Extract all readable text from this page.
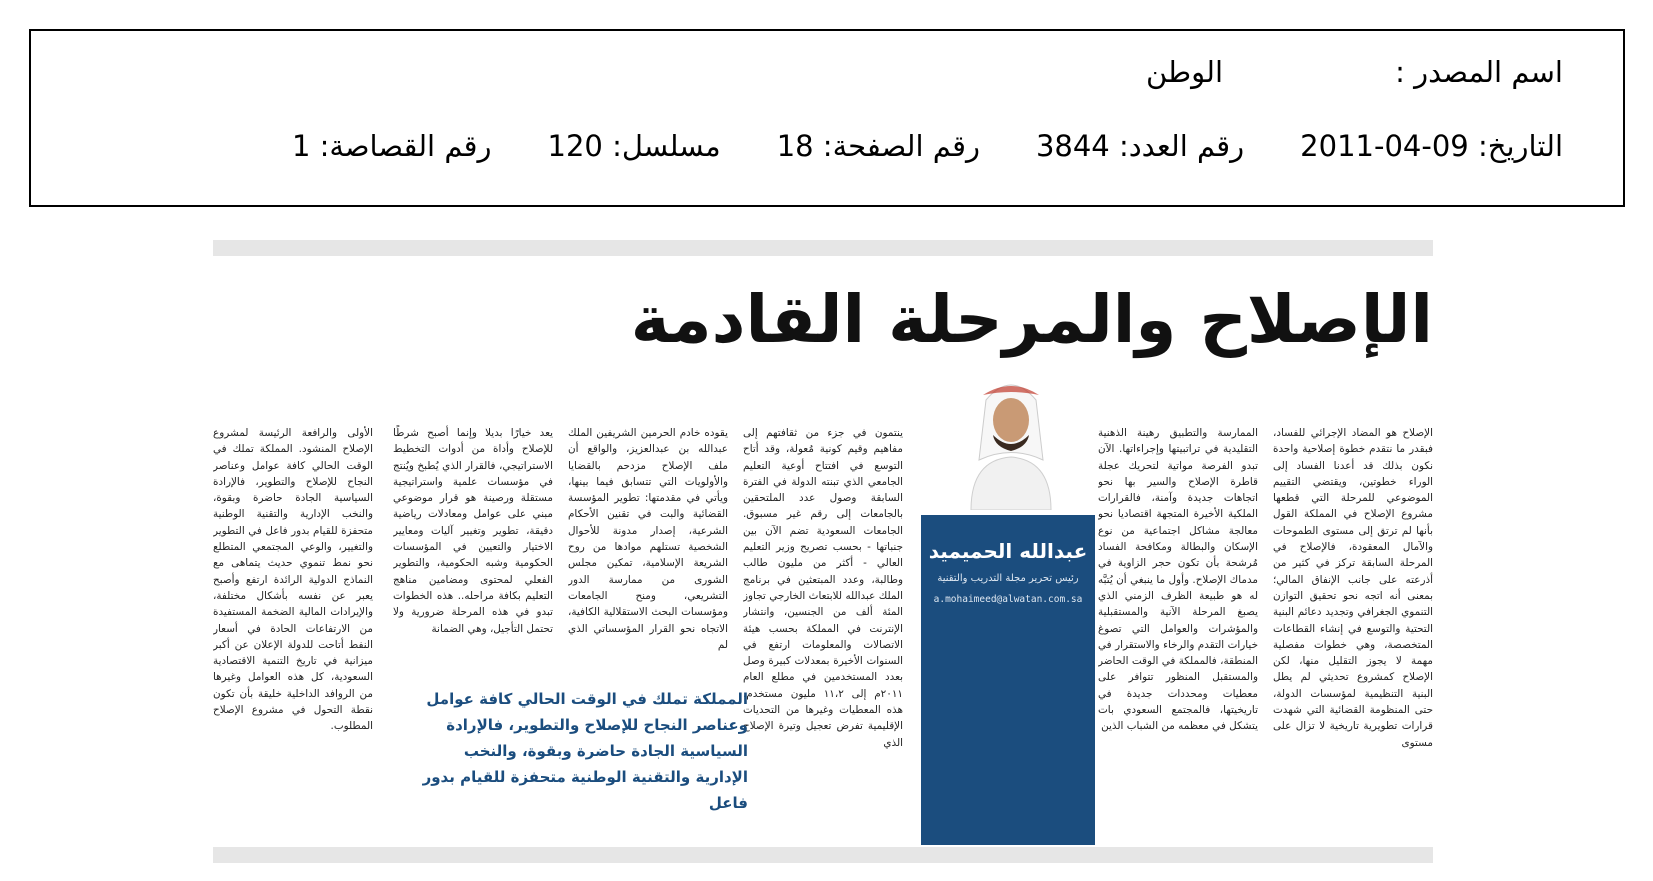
اسم المصدر :
الوطن
التاريخ: 09-04-2011
رقم العدد: 3844
رقم الصفحة: 18
مسلسل: 120
رقم القصاصة: 1
الإصلاح والمرحلة القادمة
الإصلاح هو المضاد الإجرائي للفساد، فبقدر ما نتقدم خطوة إصلاحية واحدة نكون بذلك قد أعدنا الفساد إلى الوراء خطوتين، ويقتضي التقييم الموضوعي للمرحلة التي قطعها مشروع الإصلاح في المملكة القول بأنها لم ترتق إلى مستوى الطموحات والآمال المعقودة، فالإصلاح في المرحلة السابقة تركز في كثير من أذرعته على جانب الإنفاق المالي؛ بمعنى أنه اتجه نحو تحقيق التوازن التنموي الجغرافي وتجديد دعائم البنية التحتية والتوسع في إنشاء القطاعات المتخصصة، وهي خطوات مفصلية مهمة لا يجوز التقليل منها، لكن الإصلاح كمشروع تحديثي لم يطل البنية التنظيمية لمؤسسات الدولة، حتى المنظومة القضائية التي شهدت قرارات تطويرية تاريخية لا تزال على مستوى
الممارسة والتطبيق رهينة الذهنية التقليدية في تراتبيتها وإجراءاتها. الآن تبدو الفرصة مواتية لتحريك عجلة قاطرة الإصلاح والسير بها نحو اتجاهات جديدة وآمنة، فالقرارات الملكية الأخيرة المتجهة اقتصاديا نحو معالجة مشاكل اجتماعية من نوع الإسكان والبطالة ومكافحة الفساد مُرشحة بأن تكون حجر الزاوية في مدماك الإصلاح. وأول ما ينبغي أن يُتبَّه له هو طبيعة الظرف الزمني الذي يصبغ المرحلة الآنية والمستقبلية والمؤشرات والعوامل التي تصوغ خيارات التقدم والرخاء والاستقرار في المنطقة، فالمملكة في الوقت الحاضر والمستقبل المنظور تتوافر على معطيات ومحددات جديدة في تاريخيتها، فالمجتمع السعودي بات يتشكل في معظمه من الشباب الذين
عبدالله الحميميد
رئيس تحرير مجلة التدريب والتقنية
a.mohaimeed@alwatan.com.sa
ينتمون في جزء من ثقافتهم إلى مفاهيم وقيم كونية مُعولة، وقد أتاح التوسع في افتتاح أوعية التعليم الجامعي الذي تبنته الدولة في الفترة السابقة وصول عدد الملتحقين بالجامعات إلى رقم غير مسبوق. الجامعات السعودية تضم الآن بين جنباتها - بحسب تصريح وزير التعليم العالي - أكثر من مليون طالب وطالبة، وعدد المبتعثين في برنامج الملك عبدالله للابتعاث الخارجي تجاوز المئة ألف من الجنسين، وانتشار الإنترنت في المملكة بحسب هيئة الاتصالات والمعلومات ارتفع في السنوات الأخيرة بمعدلات كبيرة وصل بعدد المستخدمين في مطلع العام ٢٠١١م إلى ١١،٢ مليون مستخدم. هذه المعطيات وغيرها من التحديات الإقليمية تفرض تعجيل وتيرة الإصلاح الذي
يقوده خادم الحرمين الشريفين الملك عبدالله بن عبدالعزيز، والواقع أن ملف الإصلاح مزدحم بالقضايا والأولويات التي تتسابق فيما بينها، ويأتي في مقدمتها: تطوير المؤسسة القضائية والبت في تقنين الأحكام الشرعية، إصدار مدونة للأحوال الشخصية تستلهم موادها من روح الشريعة الإسلامية، تمكين مجلس الشورى من ممارسة الدور التشريعي، ومنح الجامعات ومؤسسات البحث الاستقلالية الكافية، الاتجاه نحو القرار المؤسساتي الذي لم
يعد خيارًا بديلا وإنما أصبح شرطًا للإصلاح وأداة من أدوات التخطيط الاستراتيجي، فالقرار الذي يُطبخ ويُنتج في مؤسسات علمية واستراتيجية مستقلة ورصينة هو قرار موضوعي مبني على عوامل ومعادلات رياضية دقيقة، تطوير وتغيير آليات ومعايير الاختيار والتعيين في المؤسسات الحكومية وشبه الحكومية، والتطوير الفعلي لمحتوى ومضامين مناهج التعليم بكافة مراحله.. هذه الخطوات تبدو في هذه المرحلة ضرورية ولا تحتمل التأجيل، وهي الضمانة
الأولى والرافعة الرئيسة لمشروع الإصلاح المنشود. المملكة تملك في الوقت الحالي كافة عوامل وعناصر النجاح للإصلاح والتطوير، فالإرادة السياسية الجادة حاضرة وبقوة، والنخب الإدارية والتقنية الوطنية متحفزة للقيام بدور فاعل في التطوير والتغيير، والوعي المجتمعي المتطلع نحو نمط تنموي حديث يتماهى مع النماذج الدولية الرائدة ارتفع وأصبح يعبر عن نفسه بأشكال مختلفة، والإيرادات المالية الضخمة المستفيدة من الارتفاعات الحادة في أسعار النفط أتاحت للدولة الإعلان عن أكبر ميزانية في تاريخ التنمية الاقتصادية السعودية، كل هذه العوامل وغيرها من الروافد الداخلية خليقة بأن تكون نقطة التحول في مشروع الإصلاح المطلوب.
المملكة تملك في الوقت الحالي كافة عوامل وعناصر النجاح للإصلاح والتطوير، فالإرادة السياسية الجادة حاضرة وبقوة، والنخب الإدارية والتقنية الوطنية متحفزة للقيام بدور فاعل
